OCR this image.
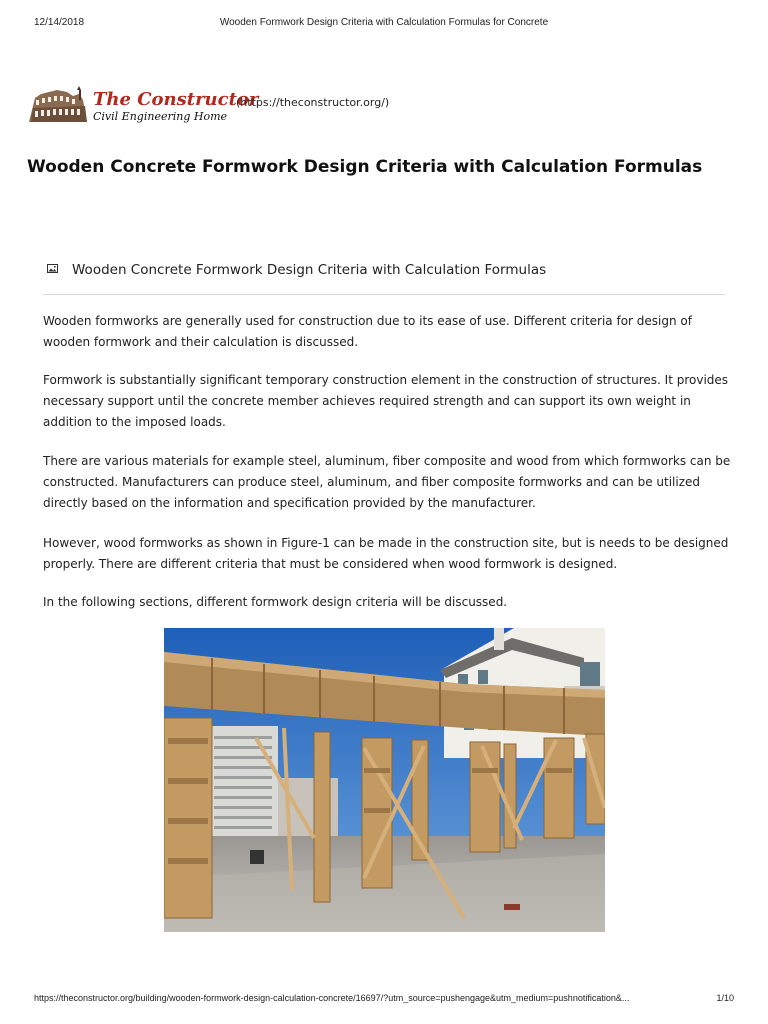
12/14/2018	Wooden Formwork Design Criteria with Calculation Formulas for Concrete
The Constructor
Civil Engineering Home
(https://theconstructor.org/)
Wooden Concrete Formwork Design Criteria with Calculation Formulas
Wooden Concrete Formwork Design Criteria with Calculation Formulas

Wooden formworks are generally used for construction due to its ease of use. Different criteria for design of wooden formwork and their calculation is discussed.

Formwork is substantially significant temporary construction element in the construction of structures. It provides necessary support until the concrete member achieves required strength and can support its own weight in addition to the imposed loads.

There are various materials for example steel, aluminum, fiber composite and wood from which formworks can be constructed. Manufacturers can produce steel, aluminum, and fiber composite formworks and can be utilized directly based on the information and specification provided by the manufacturer.

However, wood formworks as shown in Figure-1 can be made in the construction site, but is needs to be designed properly. There are different criteria that must be considered when wood formwork is designed.

In the following sections, different formwork design criteria will be discussed.

https://theconstructor.org/building/wooden-formwork-design-calculation-concrete/16697/?utm_source=pushengage&utm_medium=pushnotification&...	1/10
